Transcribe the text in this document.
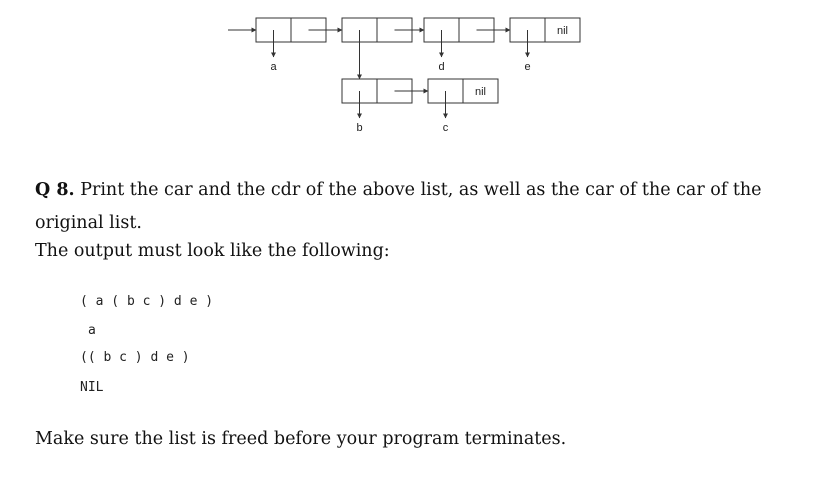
a	d	e
nil
nil
b	c
Q 8. Print the car and the cdr of the above list, as well as the car of the car of the original list.
The output must look like the following:
( a ( b c ) d e )
a
(( b c ) d e )
NIL
Make sure the list is freed before your program terminates.
